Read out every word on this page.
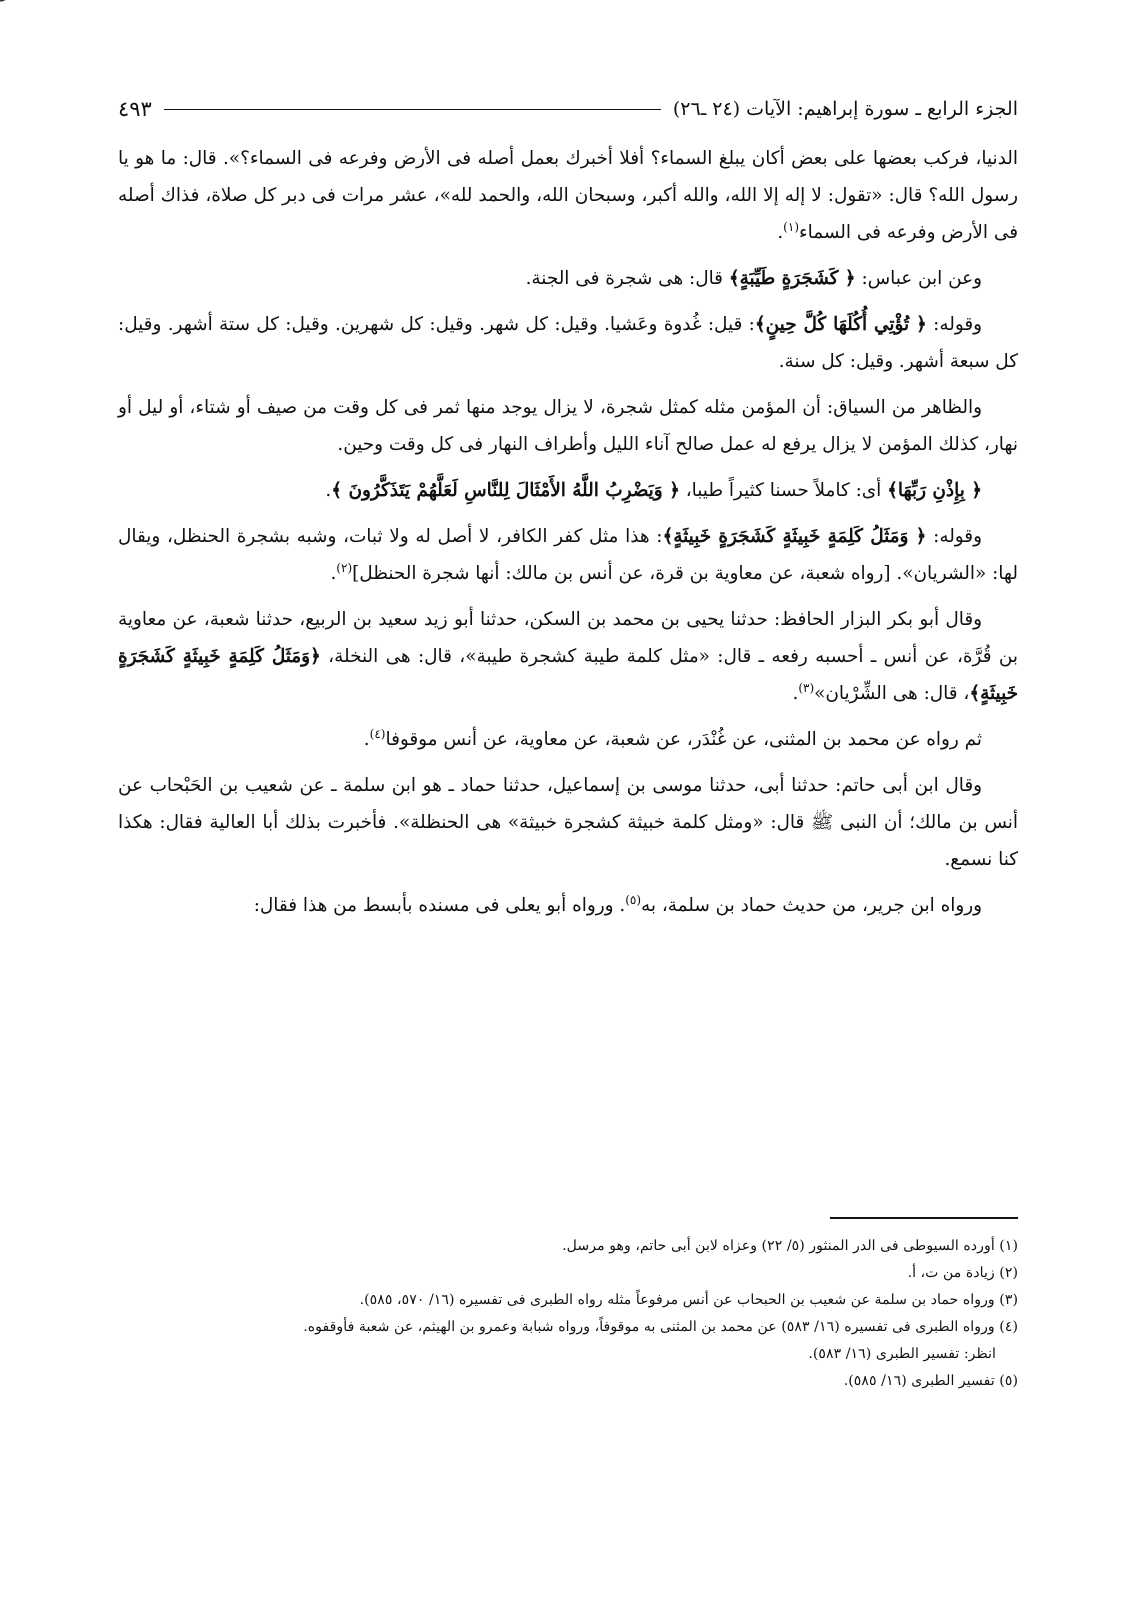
الجزء الرابع ـ سورة إبراهيم: الآيات (٢٤ ـ٢٦)
٤٩٣

الدنيا، فركب بعضها على بعض أكان يبلغ السماء؟ أفلا أخبرك بعمل أصله فى الأرض وفرعه فى السماء؟». قال: ما هو يا رسول الله؟ قال: «تقول: لا إله إلا الله، والله أكبر، وسبحان الله، والحمد لله»، عشر مرات فى دبر كل صلاة، فذاك أصله فى الأرض وفرعه فى السماء$^{(١)}$.

وعن ابن عباس: ﴿ كَشَجَرَةٍ طَيِّبَةٍ﴾ قال: هى شجرة فى الجنة.

وقوله: ﴿ تُؤْتِي أُكُلَهَا كُلَّ حِينٍ﴾: قيل: غُدوة وعَشيا. وقيل: كل شهر. وقيل: كل شهرين. وقيل: كل ستة أشهر. وقيل: كل سبعة أشهر. وقيل: كل سنة.

والظاهر من السياق: أن المؤمن مثله كمثل شجرة، لا يزال يوجد منها ثمر فى كل وقت من صيف أو شتاء، أو ليل أو نهار، كذلك المؤمن لا يزال يرفع له عمل صالح آناء الليل وأطراف النهار فى كل وقت وحين.

﴿ بِإِذْنِ رَبِّهَا﴾ أى: كاملاً حسنا كثيراً طيبا، ﴿ وَيَضْرِبُ اللَّهُ الأَمْثَالَ لِلنَّاسِ لَعَلَّهُمْ يَتَذَكَّرُونَ ﴾.

وقوله: ﴿ وَمَثَلُ كَلِمَةٍ خَبِيثَةٍ كَشَجَرَةٍ خَبِيثَةٍ﴾: هذا مثل كفر الكافر، لا أصل له ولا ثبات، وشبه بشجرة الحنظل، ويقال لها: «الشريان». [رواه شعبة، عن معاوية بن قرة، عن أنس بن مالك: أنها شجرة الحنظل]$^{(٢)}$.

وقال أبو بكر البزار الحافظ: حدثنا يحيى بن محمد بن السكن، حدثنا أبو زيد سعيد بن الربيع، حدثنا شعبة، عن معاوية بن قُرَّة، عن أنس ـ أحسبه رفعه ـ قال: «مثل كلمة طيبة كشجرة طيبة»، قال: هى النخلة، ﴿وَمَثَلُ كَلِمَةٍ خَبِيثَةٍ كَشَجَرَةٍ خَبِيثَةٍ﴾، قال: هى الشِّرْيان»$^{(٣)}$.

ثم رواه عن محمد بن المثنى، عن غُنْدَر، عن شعبة، عن معاوية، عن أنس موقوفا$^{(٤)}$.

وقال ابن أبى حاتم: حدثنا أبى، حدثنا موسى بن إسماعيل، حدثنا حماد ـ هو ابن سلمة ـ عن شعيب بن الحَبْحاب عن أنس بن مالك؛ أن النبى ﷺ قال: «ومثل كلمة خبيثة كشجرة خبيثة» هى الحنظلة». فأخبرت بذلك أبا العالية فقال: هكذا كنا نسمع.

ورواه ابن جرير، من حديث حماد بن سلمة، به$^{(٥)}$. ورواه أبو يعلى فى مسنده بأبسط من هذا فقال:

(١) أورده السيوطى فى الدر المنثور (٥/ ٢٢) وعزاه لابن أبى حاتم، وهو مرسل.
(٢) زيادة من ت، أ.
(٣) ورواه حماد بن سلمة عن شعيب بن الحبحاب عن أنس مرفوعاً مثله رواه الطبرى فى تفسيره (١٦/ ٥٧٠، ٥٨٥).
(٤) ورواه الطبرى فى تفسيره (١٦/ ٥٨٣) عن محمد بن المثنى به موقوفاً، ورواه شبابة وعمرو بن الهيثم، عن شعبة فأوقفوه.
انظر: تفسير الطبرى (١٦/ ٥٨٣).
(٥) تفسير الطبرى (١٦/ ٥٨٥).
